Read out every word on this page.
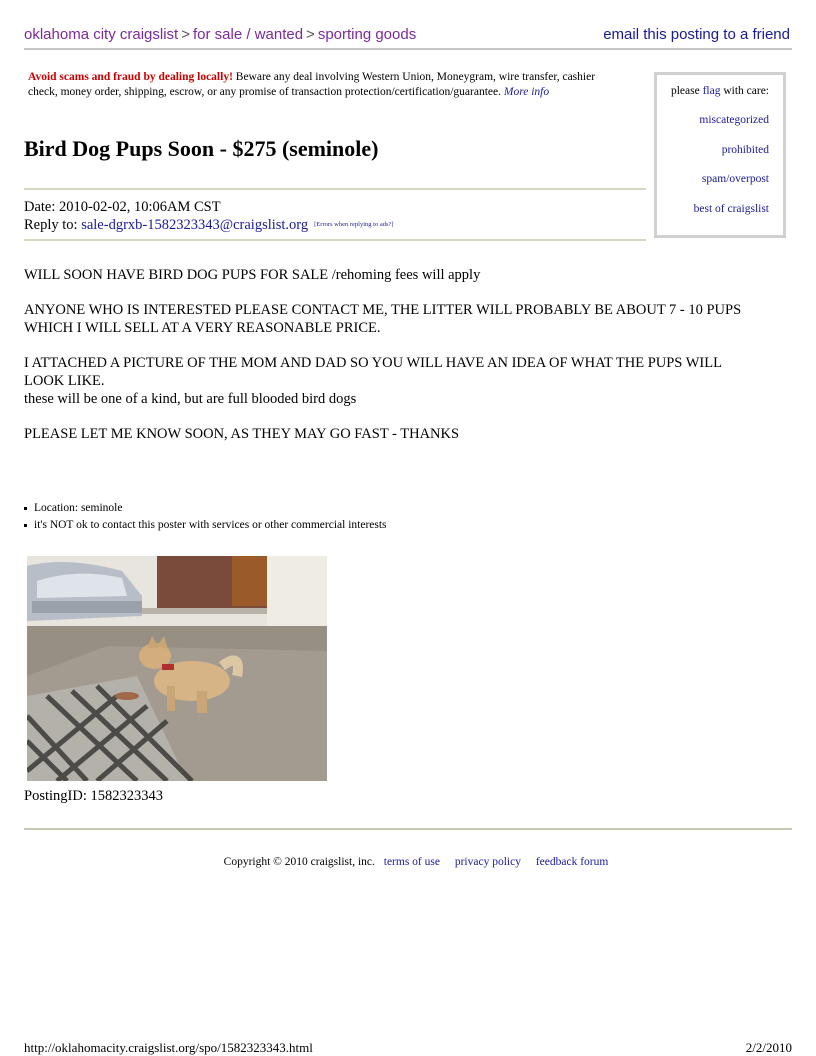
oklahoma city craigslist > for sale / wanted > sporting goods	email this posting to a friend
Avoid scams and fraud by dealing locally! Beware any deal involving Western Union, Moneygram, wire transfer, cashier check, money order, shipping, escrow, or any promise of transaction protection/certification/guarantee. More info	please flag with care:
miscategorized
prohibited
spam/overpost
best of craigslist
Bird Dog Pups Soon - $275 (seminole)
Date: 2010-02-02, 10:06AM CST
Reply to: sale-dgrxb-1582323343@craigslist.org [Errors when replying to ads?]

WILL SOON HAVE BIRD DOG PUPS FOR SALE /rehoming fees will apply

ANYONE WHO IS INTERESTED PLEASE CONTACT ME, THE LITTER WILL PROBABLY BE ABOUT 7 - 10 PUPS WHICH I WILL SELL AT A VERY REASONABLE PRICE.

I ATTACHED A PICTURE OF THE MOM AND DAD SO YOU WILL HAVE AN IDEA OF WHAT THE PUPS WILL LOOK LIKE.

these will be one of a kind, but are full blooded bird dogs

PLEASE LET ME KNOW SOON, AS THEY MAY GO FAST - THANKS

Location: seminole
it's NOT ok to contact this poster with services or other commercial interests
PostingID: 1582323343
Copyright © 2010 craigslist, inc. terms of use privacy policy feedback forum
http://oklahomacity.craigslist.org/spo/1582323343.html	2/2/2010
